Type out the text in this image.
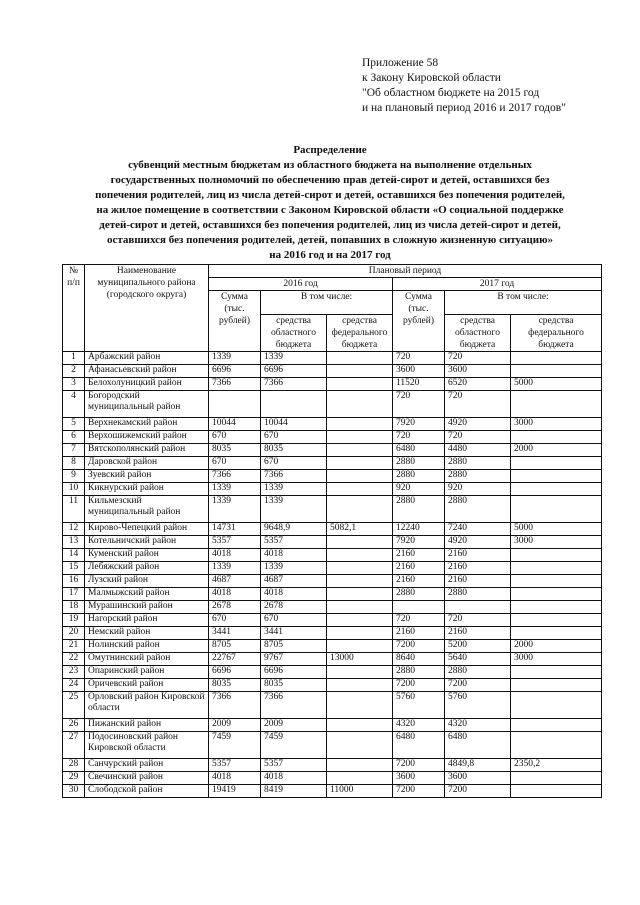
Приложение 58
к Закону Кировской области
"Об областном бюджете на 2015 год
и на плановый период 2016 и 2017 годов"
Распределение
субвенций местным бюджетам из областного бюджета на выполнение отдельных
государственных полномочий по обеспечению прав детей-сирот и детей, оставшихся без
попечения родителей, лиц из числа детей-сирот и детей, оставшихся без попечения родителей,
на жилое помещение в соответствии с Законом Кировской области «О социальной поддержке
детей-сирот и детей, оставшихся без попечения родителей, лиц из числа детей-сирот и детей,
оставшихся без попечения родителей, детей, попавших в сложную жизненную ситуацию»
на 2016 год и на 2017 год
№ п/п	Наименование муниципального района (городского округа)	Плановый период					
		2016 год			2017 год		
		Сумма (тыс. рублей)	В том числе:		Сумма (тыс. рублей)	В том числе:	
			средства областного бюджета	средства федерального бюджета		средства областного бюджета	средства федерального бюджета
1	Арбажский район	1339	1339		720	720	
2	Афанасьевский район	6696	6696		3600	3600	
3	Белохолуницкий район	7366	7366		11520	6520	5000
4	Богородский муниципальный район				720	720	
5	Верхнекамский район	10044	10044		7920	4920	3000
6	Верхошижемский район	670	670		720	720	
7	Вятскополянский район	8035	8035		6480	4480	2000
8	Даровской район	670	670		2880	2880	
9	Зуевский район	7366	7366		2880	2880	
10	Кикнурский район	1339	1339		920	920	
11	Кильмезский муниципальный район	1339	1339		2880	2880	
12	Кирово-Чепецкий район	14731	9648,9	5082,1	12240	7240	5000
13	Котельничский район	5357	5357		7920	4920	3000
14	Куменский район	4018	4018		2160	2160	
15	Лебяжский район	1339	1339		2160	2160	
16	Лузский район	4687	4687		2160	2160	
17	Малмыжский район	4018	4018		2880	2880	
18	Мурашинский район	2678	2678				
19	Нагорский район	670	670		720	720	
20	Немский район	3441	3441		2160	2160	
21	Нолинский район	8705	8705		7200	5200	2000
22	Омутнинский район	22767	9767	13000	8640	5640	3000
23	Опаринский район	6696	6696		2880	2880	
24	Оричевский район	8035	8035		7200	7200	
25	Орловский район Кировской области	7366	7366		5760	5760	
26	Пижанский район	2009	2009		4320	4320	
27	Подосиновский район Кировской области	7459	7459		6480	6480	
28	Санчурский район	5357	5357		7200	4849,8	2350,2
29	Свечинский район	4018	4018		3600	3600	
30	Слободской район	19419	8419	11000	7200	7200	
